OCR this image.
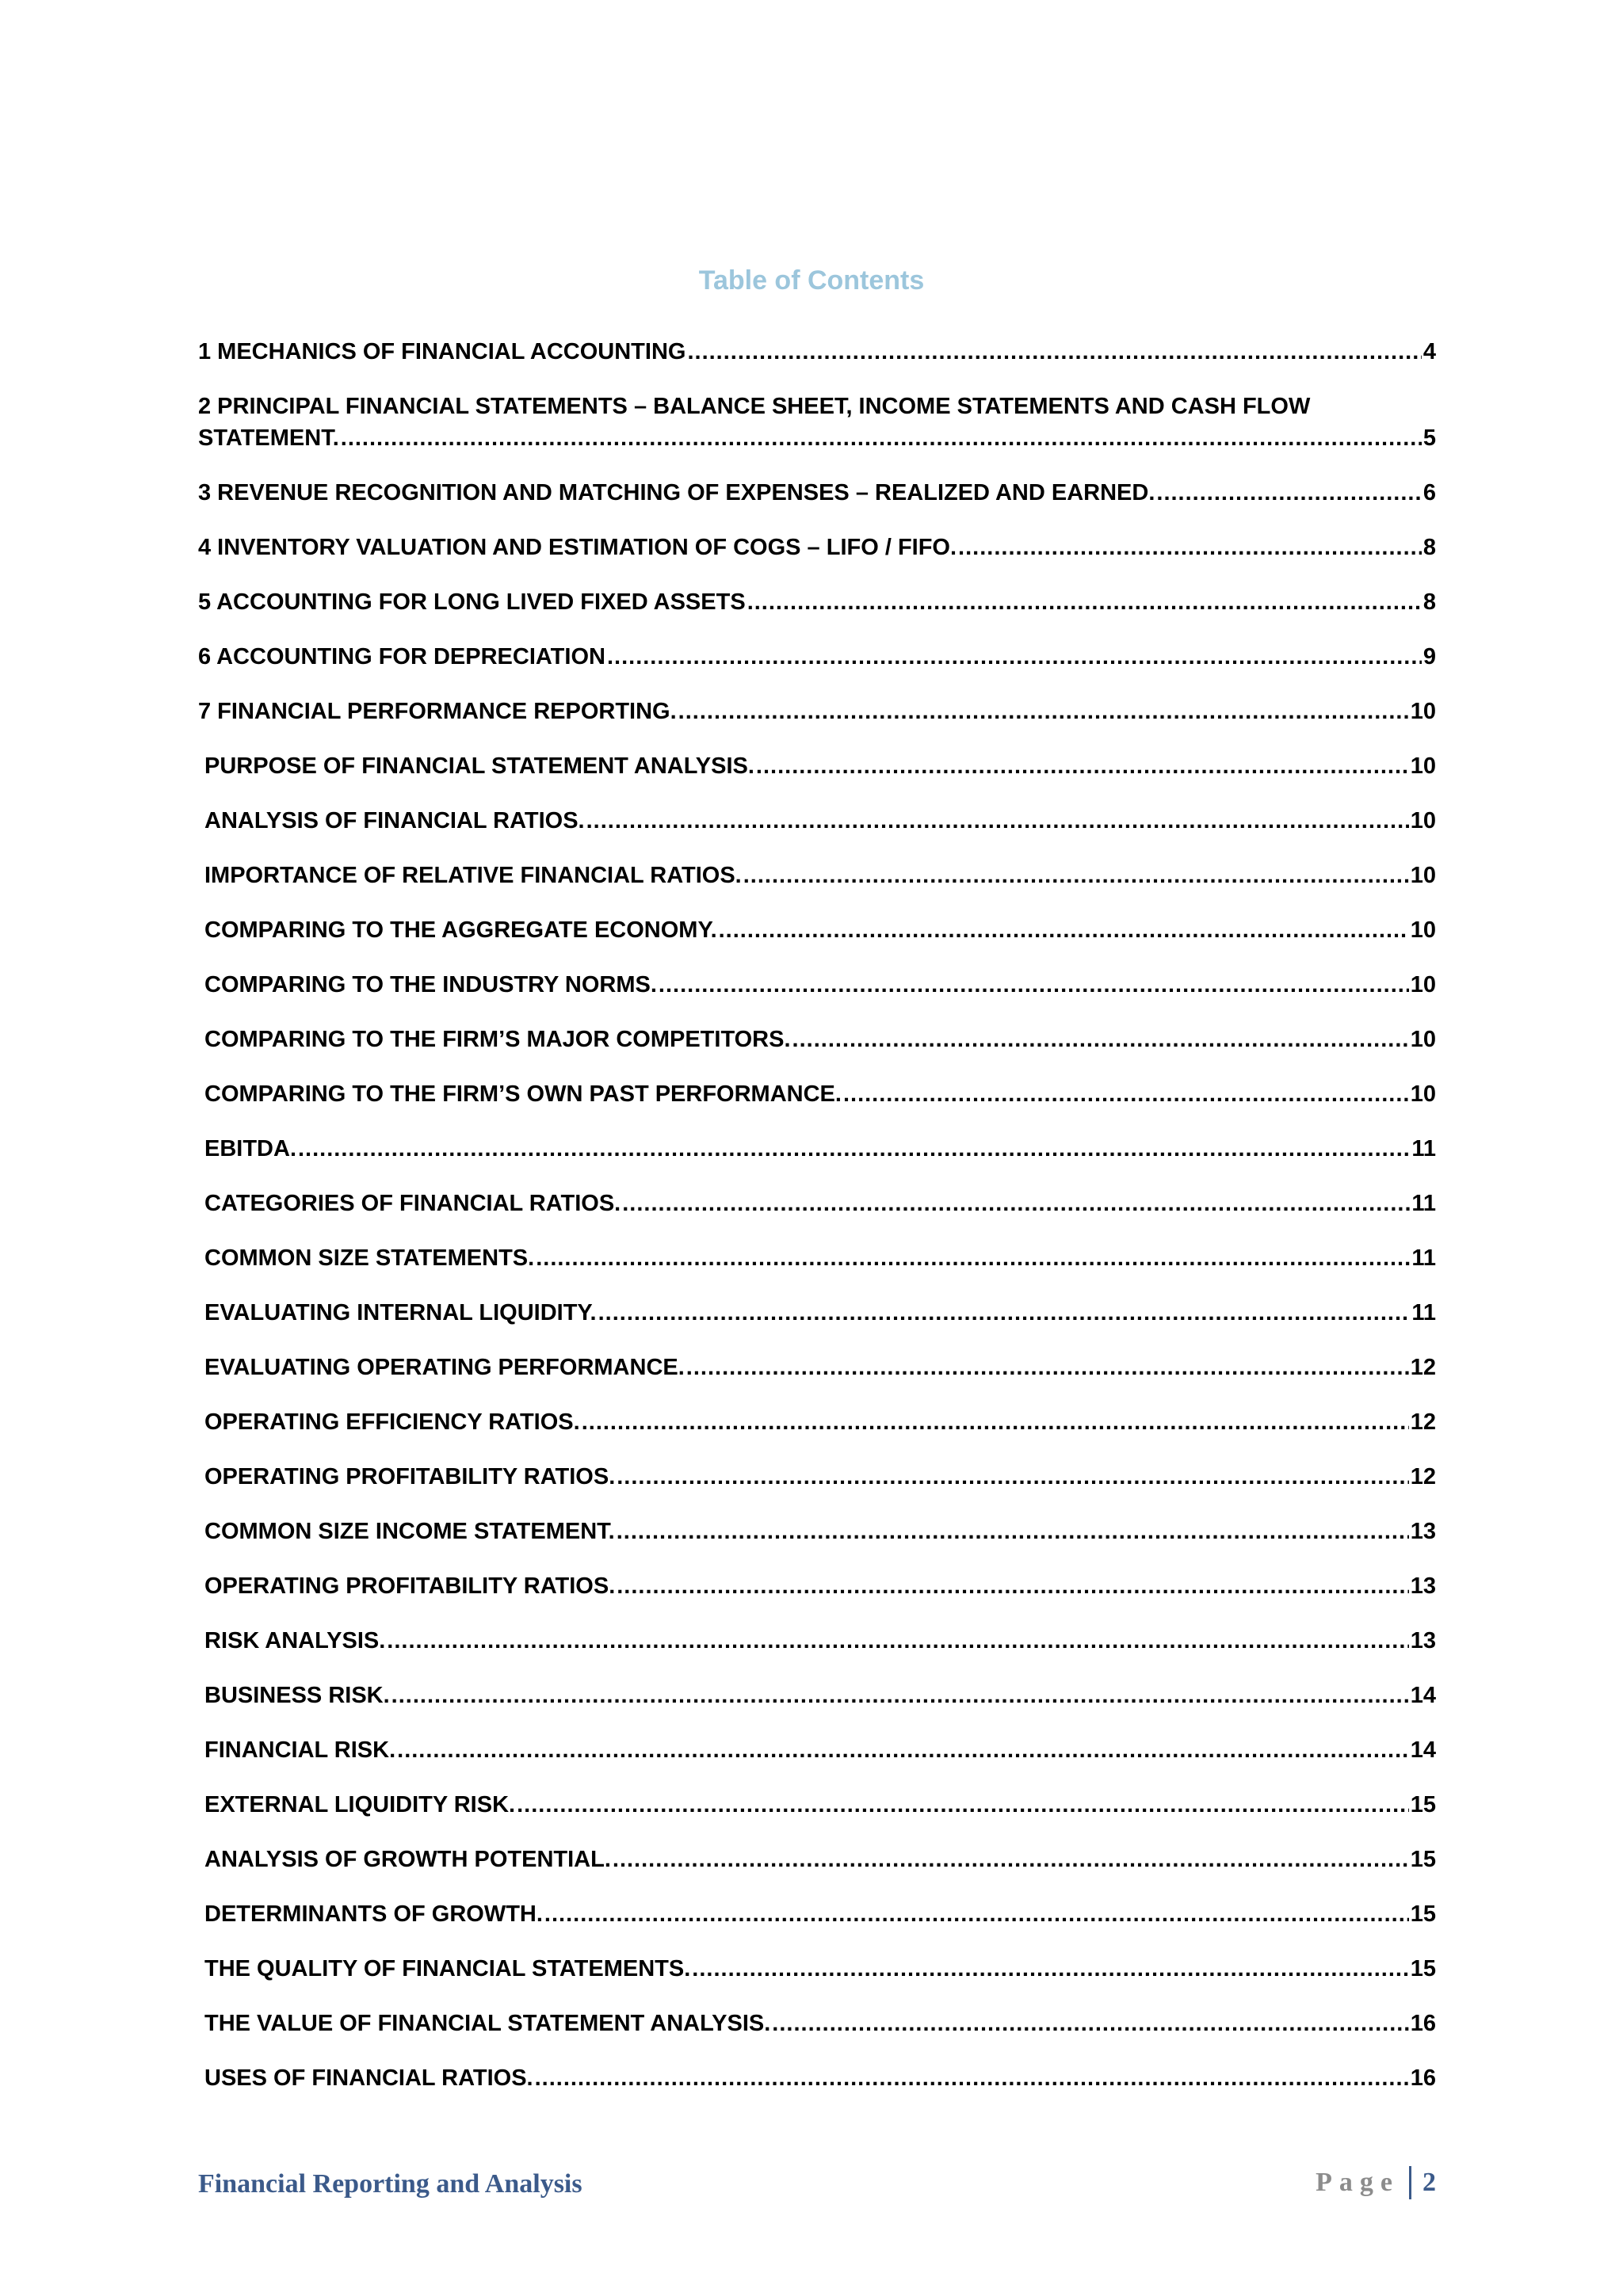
Table of Contents
1 MECHANICS OF FINANCIAL ACCOUNTING .....	4
2 PRINCIPAL FINANCIAL STATEMENTS – BALANCE SHEET, INCOME STATEMENTS AND CASH FLOW
STATEMENT. .....	5
3 REVENUE RECOGNITION AND MATCHING OF EXPENSES – REALIZED AND EARNED. .....	6
4 INVENTORY VALUATION AND ESTIMATION OF COGS – LIFO / FIFO. .....	8
5 ACCOUNTING FOR LONG LIVED FIXED ASSETS .....	8
6 ACCOUNTING FOR DEPRECIATION .....	9
7 FINANCIAL PERFORMANCE REPORTING. .....	10
PURPOSE OF FINANCIAL STATEMENT ANALYSIS. .....	10
ANALYSIS OF FINANCIAL RATIOS. .....	10
IMPORTANCE OF RELATIVE FINANCIAL RATIOS. .....	10
COMPARING TO THE AGGREGATE ECONOMY. .....	10
COMPARING TO THE INDUSTRY NORMS. .....	10
COMPARING TO THE FIRM’S MAJOR COMPETITORS. .....	10
COMPARING TO THE FIRM’S OWN PAST PERFORMANCE. .....	10
EBITDA. .....	11
CATEGORIES OF FINANCIAL RATIOS. .....	11
COMMON SIZE STATEMENTS. .....	11
EVALUATING INTERNAL LIQUIDITY. .....	11
EVALUATING OPERATING PERFORMANCE. .....	12
OPERATING EFFICIENCY RATIOS. .....	12
OPERATING PROFITABILITY RATIOS. .....	12
COMMON SIZE INCOME STATEMENT. .....	13
OPERATING PROFITABILITY RATIOS. .....	13
RISK ANALYSIS. .....	13
BUSINESS RISK. .....	14
FINANCIAL RISK. .....	14
EXTERNAL LIQUIDITY RISK. .....	15
ANALYSIS OF GROWTH POTENTIAL. .....	15
DETERMINANTS OF GROWTH. .....	15
THE QUALITY OF FINANCIAL STATEMENTS. .....	15
THE VALUE OF FINANCIAL STATEMENT ANALYSIS. .....	16
USES OF FINANCIAL RATIOS. .....	16
Financial Reporting and Analysis	Page 2
